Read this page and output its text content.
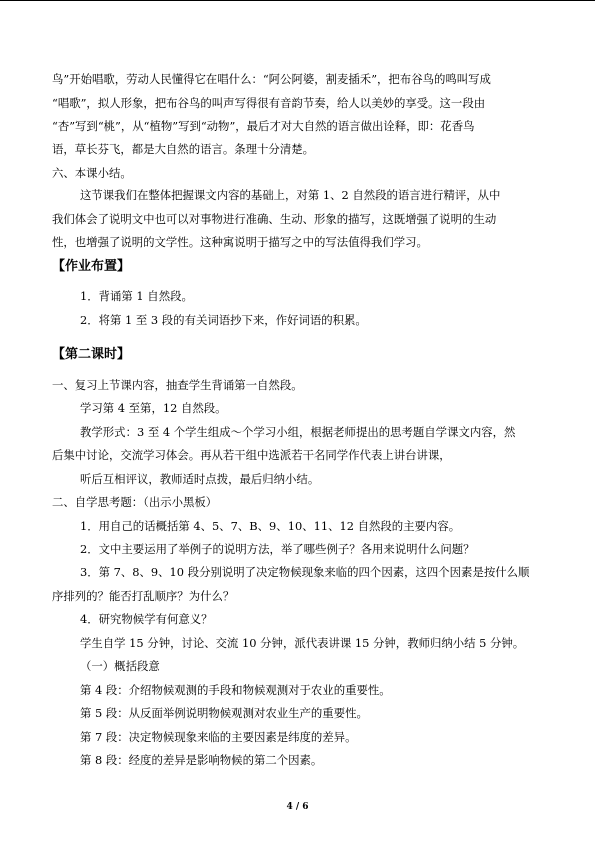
鸟”开始唱歌，劳动人民懂得它在唱什么：“阿公阿婆，割麦插禾”，把布谷鸟的鸣叫写成
“唱歌”，拟人形象，把布谷鸟的叫声写得很有音韵节奏，给人以美妙的享受。这一段由
“杏”写到“桃”，从“植物”写到“动物”，最后才对大自然的语言做出诠释，即：花香鸟
语，草长芬飞，都是大自然的语言。条理十分清楚。
六、本课小结。
这节课我们在整体把握课文内容的基础上，对第 1、2 自然段的语言进行精评，从中
我们体会了说明文中也可以对事物进行准确、生动、形象的描写，这既增强了说明的生动
性，也增强了说明的文学性。这种寓说明于描写之中的写法值得我们学习。
【作业布置】
1．背诵第 1 自然段。
2．将第 1 至 3 段的有关词语抄下来，作好词语的积累。
【第二课时】
一、复习上节课内容，抽查学生背诵第一自然段。
学习第 4 至第，12 自然段。
教学形式：3 至 4 个学生组成～个学习小组，根据老师提出的思考题自学课文内容，然
后集中讨论，交流学习体会。再从若干组中选派若干名同学作代表上讲台讲课，
听后互相评议，教师适时点拨，最后归纳小结。
二、自学思考题：（出示小黑板）
1．用自己的话概括第 4、5、7、B、9、10、11、12 自然段的主要内容。
2．文中主要运用了举例子的说明方法，举了哪些例子？各用来说明什么问题？
3．第 7、8、9、10 段分别说明了决定物候现象来临的四个因素，这四个因素是按什么顺
序排列的？能否打乱顺序？为什么？
4．研究物候学有何意义？
学生自学 15 分钟，讨论、交流 10 分钟，派代表讲课 15 分钟，教师归纳小结 5 分钟。
（一）概括段意
第 4 段：介绍物候观测的手段和物候观测对于农业的重要性。
第 5 段：从反面举例说明物候观测对农业生产的重要性。
第 7 段：决定物候现象来临的主要因素是纬度的差异。
第 8 段：经度的差异是影响物候的第二个因素。
4 / 6
